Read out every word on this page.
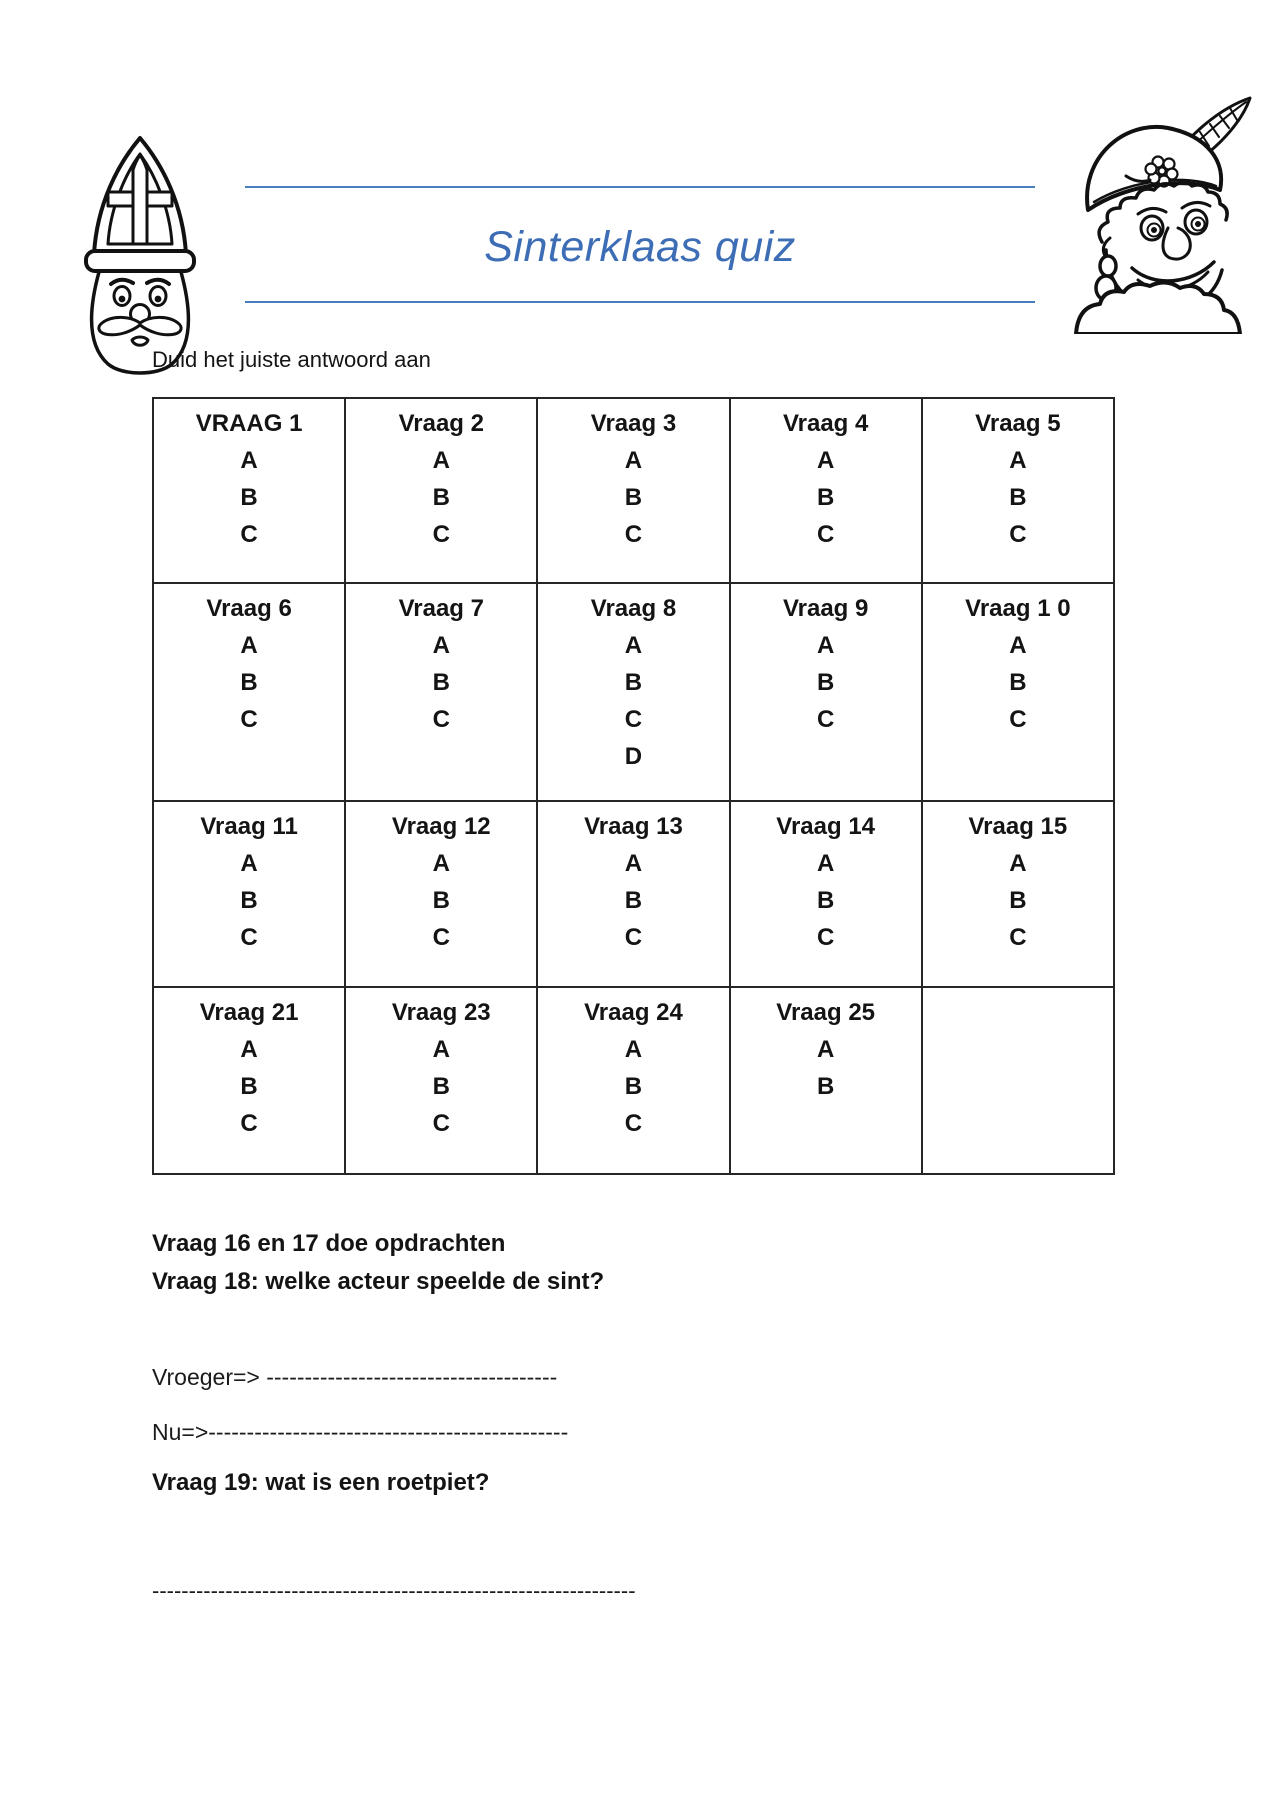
Sinterklaas quiz
Duid het juiste antwoord aan
VRAAG 1
A
B
C

Vraag 2
A
B
C

Vraag 3
A
B
C

Vraag 4
A
B
C

Vraag 5
A
B
C

Vraag 6
A
B
C

Vraag 7
A
B
C

Vraag 8
A
B
C
D

Vraag 9
A
B
C

Vraag 1 0
A
B
C

Vraag 11
A
B
C

Vraag 12
A
B
C

Vraag 13
A
B
C

Vraag 14
A
B
C

Vraag 15
A
B
C

Vraag 21
A
B
C

Vraag 23
A
B
C

Vraag 24
A
B
C

Vraag 25
A
B

Vraag 16 en 17 doe opdrachten
Vraag 18: welke acteur speelde de sint?
Vroeger=> --------------------------------------
Nu=>-----------------------------------------------
Vraag 19: wat is een roetpiet?
------------------------------------------------------------------
